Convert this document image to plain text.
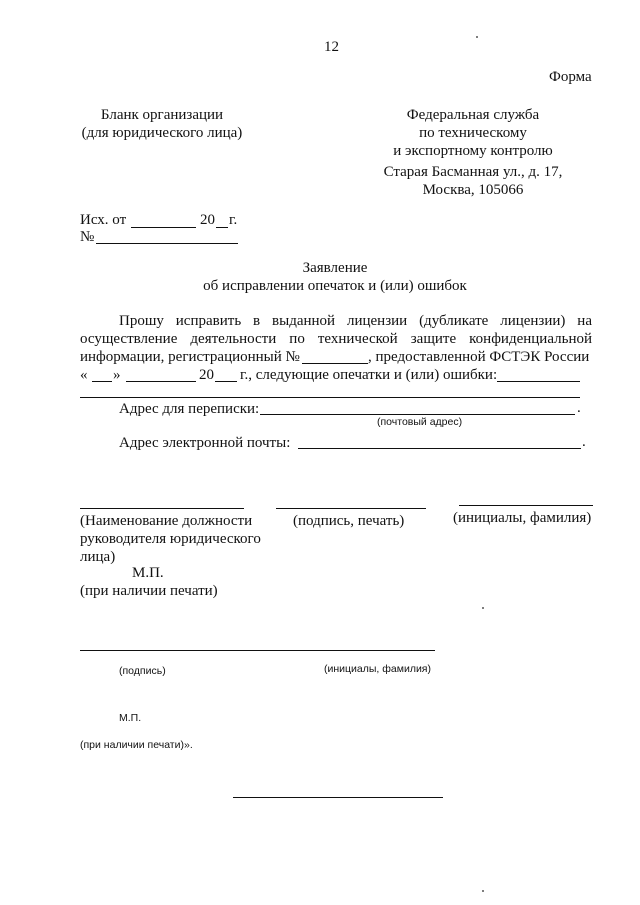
12
Форма
Бланк организации
(для юридического лица)
Федеральная служба
по техническому
и экспортному контролю
Старая Басманная ул., д. 17,
Москва, 105066
Исх. от	20 г.
№
Заявление
об исправлении опечаток и (или) ошибок
Прошу исправить в выданной лицензии (дубликате лицензии) на
осуществление деятельности по технической защите конфиденциальной
информации, регистрационный №	, предоставленной ФСТЭК России
« »	20 г., следующие опечатки и (или) ошибки:
Адрес для переписки:	.
(почтовый адрес)
Адрес электронной почты:	.
(Наименование должности
руководителя юридического
лица)
(подпись, печать)	(инициалы, фамилия)
М.П.
(при наличии печати)
(подпись)	(инициалы, фамилия)
М.П.
(при наличии печати)».
